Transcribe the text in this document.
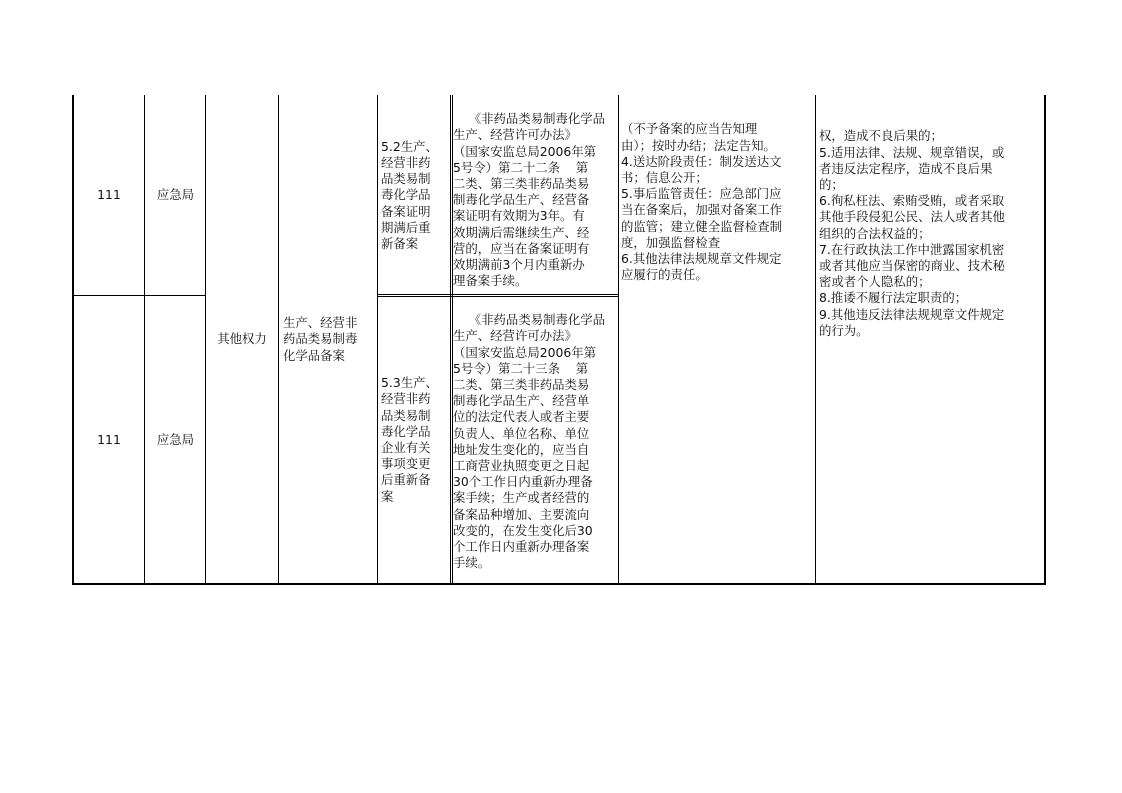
111
111
应急局
应急局
其他权力
生产、经营非
药品类易制毒
化学品备案
5.2生产、
经营非药
品类易制
毒化学品
备案证明
期满后重
新备案
5.3生产、
经营非药
品类易制
毒化学品
企业有关
事项变更
后重新备
案

《非药品类易制毒化学品
生产、经营许可办法》
（国家安监总局2006年第
5号令）第二十二条    第
二类、第三类非药品类易
制毒化学品生产、经营备
案证明有效期为3年。有
效期满后需继续生产、经
营的，应当在备案证明有
效期满前3个月内重新办
理备案手续。

《非药品类易制毒化学品
生产、经营许可办法》
（国家安监总局2006年第
5号令）第二十三条    第
二类、第三类非药品类易
制毒化学品生产、经营单
位的法定代表人或者主要
负责人、单位名称、单位
地址发生变化的，应当自
工商营业执照变更之日起
30个工作日内重新办理备
案手续；生产或者经营的
备案品种增加、主要流向
改变的，在发生变化后30
个工作日内重新办理备案
手续。

（不予备案的应当告知理
由）；按时办结；法定告知。
4.送达阶段责任：制发送达文
书；信息公开；
5.事后监管责任：应急部门应
当在备案后，加强对备案工作
的监管；建立健全监督检查制
度，加强监督检查
6.其他法律法规规章文件规定
应履行的责任。

权，造成不良后果的；
5.适用法律、法规、规章错误，或
者违反法定程序，造成不良后果
的；
6.徇私枉法、索贿受贿，或者采取
其他手段侵犯公民、法人或者其他
组织的合法权益的；
7.在行政执法工作中泄露国家机密
或者其他应当保密的商业、技术秘
密或者个人隐私的；
8.推诿不履行法定职责的；
9.其他违反法律法规规章文件规定
的行为。
